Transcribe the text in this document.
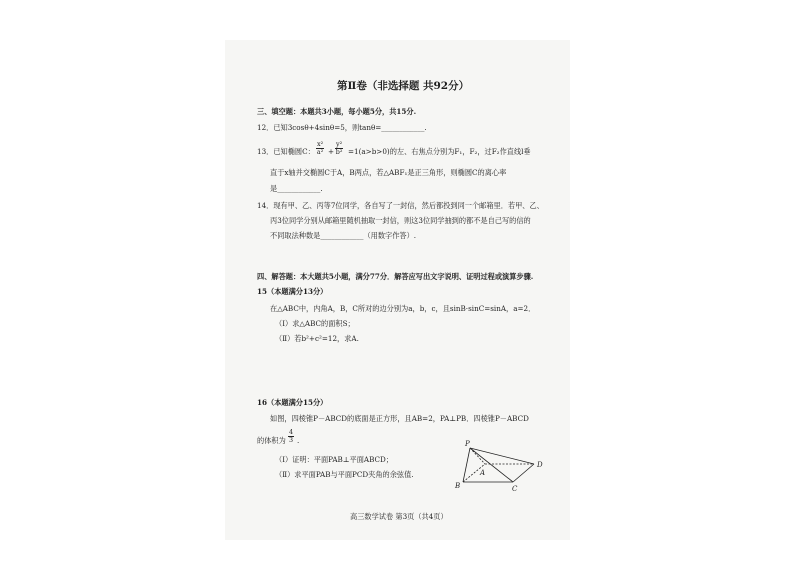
第Ⅱ卷（非选择题 共92分）
三、填空题：本题共3小题，每小题5分，共15分.
12．已知3cosθ+4sinθ=5，则tanθ=____________.
13．已知椭圆C： $\frac{\text{x²}}{\text{a²}} + \frac{\text{y²}}{\text{b²}} =1(a>b>0)$的左、右焦点分别为F₁，F₂，过F₂作直线l垂
直于x轴并交椭圆C于A，B两点，若△ABF₁是正三角形，则椭圆C的离心率
是____________.
14．现有甲、乙、丙等7位同学，各自写了一封信，然后都投到同一个邮箱里．若甲、乙、
丙3位同学分别从邮箱里随机抽取一封信，则这3位同学抽到的都不是自己写的信的
不同取法种数是____________（用数字作答）.
四、解答题：本大题共5小题，满分77分．解答应写出文字说明、证明过程或演算步骤.
15（本题满分13分）
在△ABC中，内角A，B，C所对的边分别为a，b，c，且sinB·sinC=sinA，a=2．
（Ⅰ）求△ABC的面积S；
（Ⅱ）若b²+c²=12，求A.
16（本题满分15分）
如图，四棱锥P－ABCD的底面是正方形，且AB=2，PA⊥PB．四棱锥P－ABCD
的体积为 $\frac{4}{3}$ .
（Ⅰ）证明：平面PAB⊥平面ABCD；
（Ⅱ）求平面PAB与平面PCD夹角的余弦值.
P
A
B	C
D
高三数学试卷 第3页（共4页）
